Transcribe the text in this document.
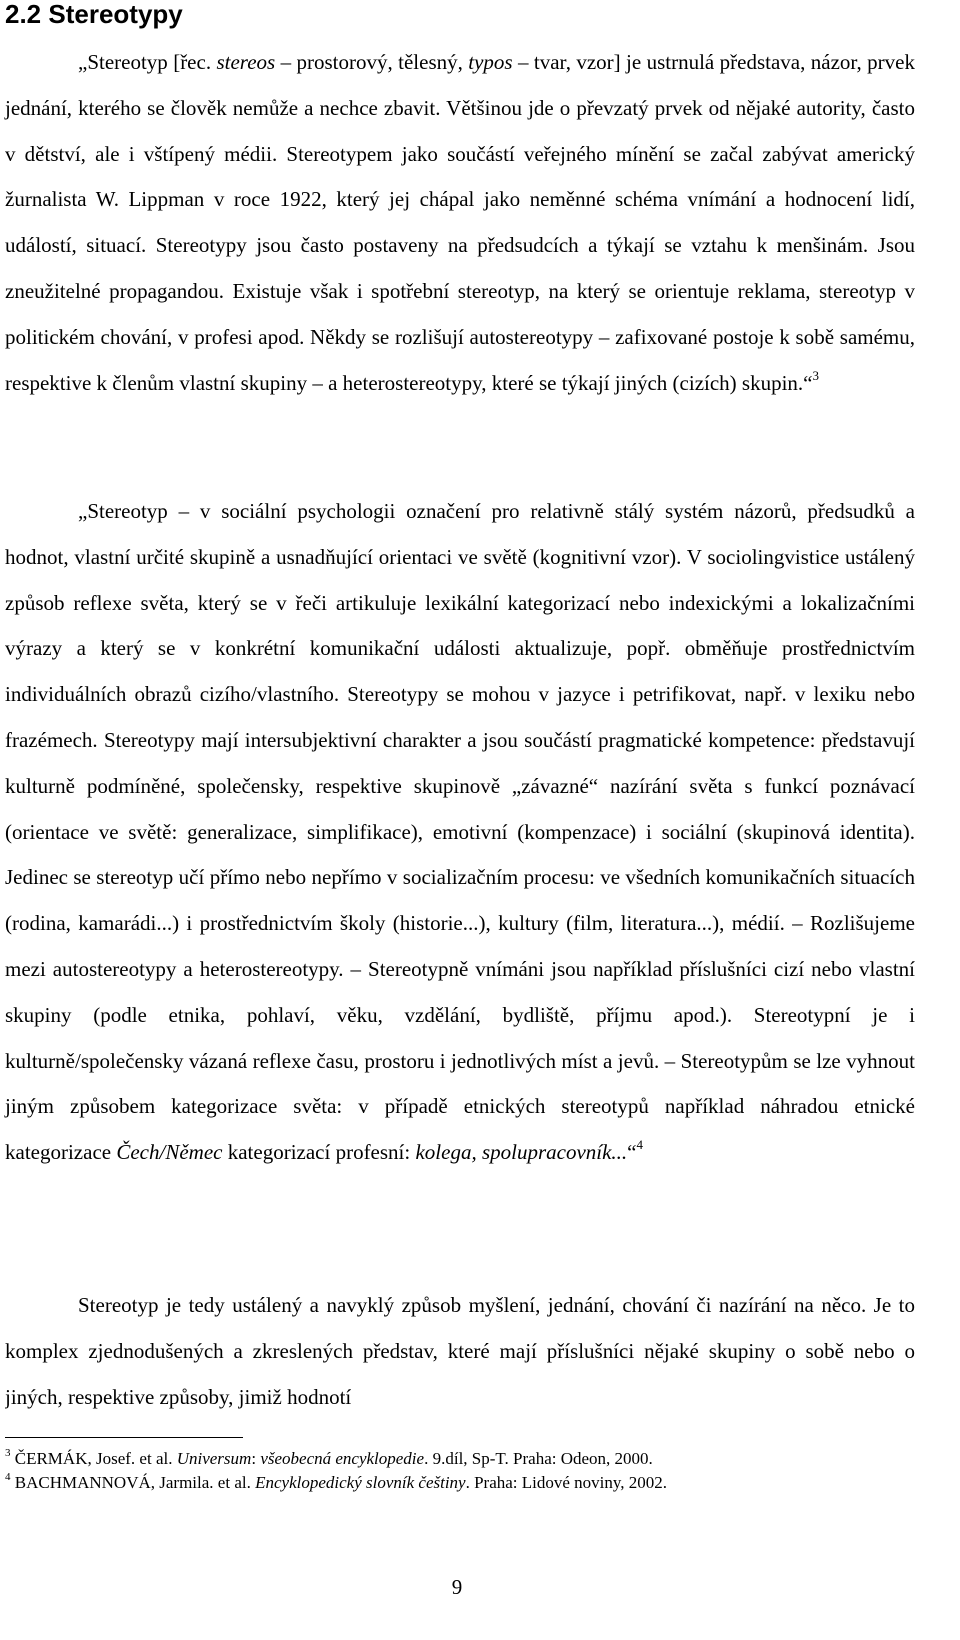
2.2 Stereotypy

„Stereotyp [řec. stereos – prostorový, tělesný, typos – tvar, vzor] je ustrnulá představa, názor, prvek jednání, kterého se člověk nemůže a nechce zbavit. Většinou jde o převzatý prvek od nějaké autority, často v dětství, ale i vštípený médii. Stereotypem jako součástí veřejného mínění se začal zabývat americký žurnalista W. Lippman v roce 1922, který jej chápal jako neměnné schéma vnímání a hodnocení lidí, událostí, situací. Stereotypy jsou často postaveny na předsudcích a týkají se vztahu k menšinám. Jsou zneužitelné propagandou. Existuje však i spotřební stereotyp, na který se orientuje reklama, stereotyp v politickém chování, v profesi apod. Někdy se rozlišují autostereotypy – zafixované postoje k sobě samému, respektive k členům vlastní skupiny – a heterostereotypy, které se týkají jiných (cizích) skupin.“$^3$

„Stereotyp – v sociální psychologii označení pro relativně stálý systém názorů, předsudků a hodnot, vlastní určité skupině a usnadňující orientaci ve světě (kognitivní vzor). V sociolingvistice ustálený způsob reflexe světa, který se v řeči artikuluje lexikální kategorizací nebo indexickými a lokalizačními výrazy a který se v konkrétní komunikační události aktualizuje, popř. obměňuje prostřednictvím individuálních obrazů cizího/vlastního. Stereotypy se mohou v jazyce i petrifikovat, např. v lexiku nebo frazémech. Stereotypy mají intersubjektivní charakter a jsou součástí pragmatické kompetence: představují kulturně podmíněné, společensky, respektive skupinově „závazné“ nazírání světa s funkcí poznávací (orientace ve světě: generalizace, simplifikace), emotivní (kompenzace) i sociální (skupinová identita). Jedinec se stereotyp učí přímo nebo nepřímo v socializačním procesu: ve všedních komunikačních situacích (rodina, kamarádi...) i prostřednictvím školy (historie...), kultury (film, literatura...), médií. – Rozlišujeme mezi autostereotypy a heterostereotypy. – Stereotypně vnímáni jsou například příslušníci cizí nebo vlastní skupiny (podle etnika, pohlaví, věku, vzdělání, bydliště, příjmu apod.). Stereotypní je i kulturně/společensky vázaná reflexe času, prostoru i jednotlivých míst a jevů. – Stereotypům se lze vyhnout jiným způsobem kategorizace světa: v případě etnických stereotypů například náhradou etnické kategorizace Čech/Němec kategorizací profesní: kolega, spolupracovník...“$^4$

Stereotyp je tedy ustálený a navyklý způsob myšlení, jednání, chování či nazírání na něco. Je to komplex zjednodušených a zkreslených představ, které mají příslušníci nějaké skupiny o sobě nebo o jiných, respektive způsoby, jimiž hodnotí

$^3$ ČERMÁK, Josef. et al. Universum: všeobecná encyklopedie. 9.díl, Sp-T. Praha: Odeon, 2000.

$^4$ BACHMANNOVÁ, Jarmila. et al. Encyklopedický slovník češtiny. Praha: Lidové noviny, 2002.

9
